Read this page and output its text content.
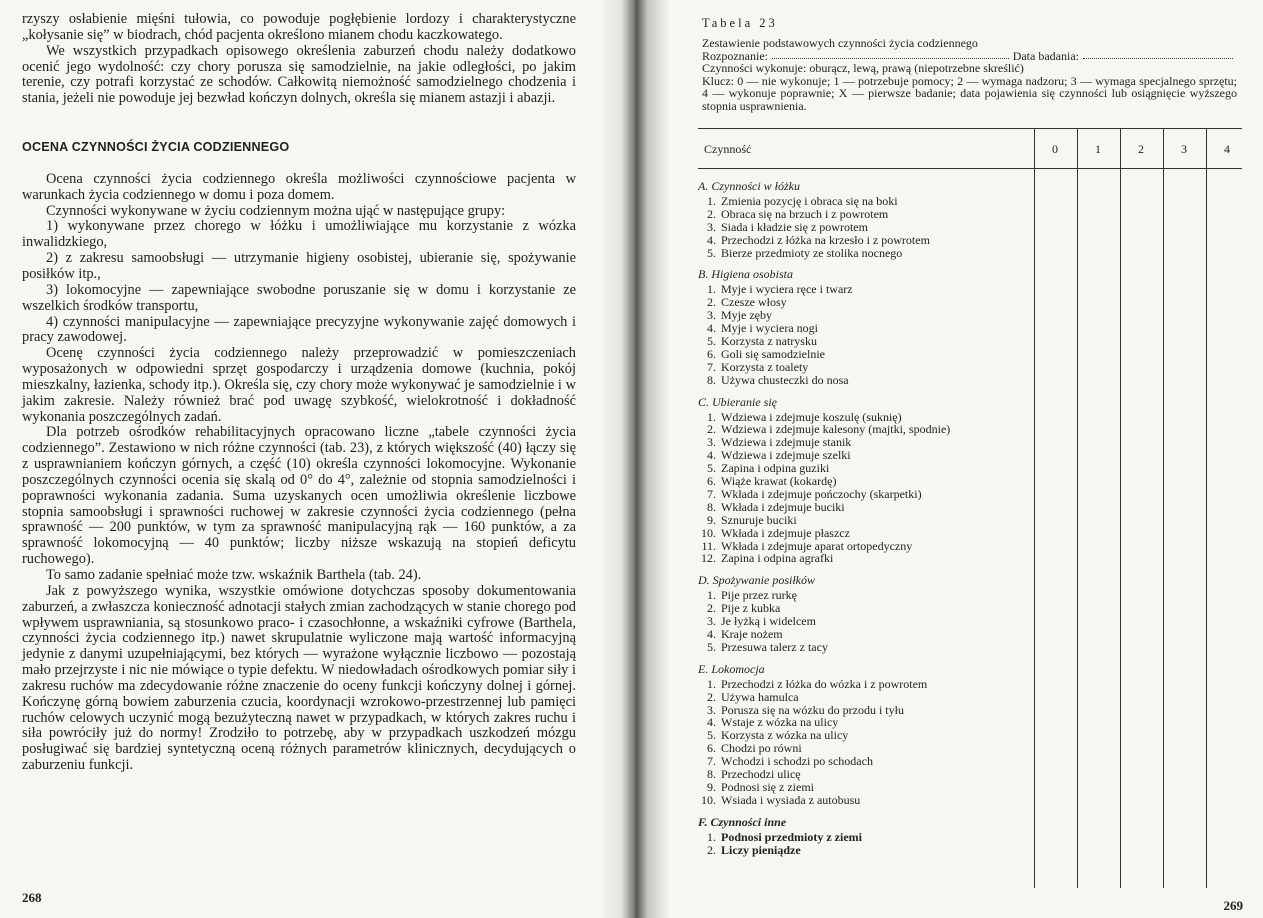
rzyszy osłabienie mięśni tułowia, co powoduje pogłębienie lordozy i charakterystyczne „kołysanie się” w biodrach, chód pacjenta określono mianem chodu kaczkowatego.

We wszystkich przypadkach opisowego określenia zaburzeń chodu należy dodatkowo ocenić jego wydolność: czy chory porusza się samodzielnie, na jakie odległości, po jakim terenie, czy potrafi korzystać ze schodów. Całkowitą niemożność samodzielnego chodzenia i stania, jeżeli nie powoduje jej bezwład kończyn dolnych, określa się mianem astazji i abazji.

OCENA CZYNNOŚCI ŻYCIA CODZIENNEGO

Ocena czynności życia codziennego określa możliwości czynnościowe pacjenta w warunkach życia codziennego w domu i poza domem.

Czynności wykonywane w życiu codziennym można ująć w następujące grupy:

1) wykonywane przez chorego w łóżku i umożliwiające mu korzystanie z wózka inwalidzkiego,

2) z zakresu samoobsługi — utrzymanie higieny osobistej, ubieranie się, spożywanie posiłków itp.,

3) lokomocyjne — zapewniające swobodne poruszanie się w domu i korzystanie ze wszelkich środków transportu,

4) czynności manipulacyjne — zapewniające precyzyjne wykonywanie zajęć domowych i pracy zawodowej.

Ocenę czynności życia codziennego należy przeprowadzić w pomieszczeniach wyposażonych w odpowiedni sprzęt gospodarczy i urządzenia domowe (kuchnia, pokój mieszkalny, łazienka, schody itp.). Określa się, czy chory może wykonywać je samodzielnie i w jakim zakresie. Należy również brać pod uwagę szybkość, wielokrotność i dokładność wykonania poszczególnych zadań.

Dla potrzeb ośrodków rehabilitacyjnych opracowano liczne „tabele czynności życia codziennego”. Zestawiono w nich różne czynności (tab. 23), z których większość (40) łączy się z usprawnianiem kończyn górnych, a część (10) określa czynności lokomocyjne. Wykonanie poszczególnych czynności ocenia się skalą od 0° do 4°, zależnie od stopnia samodzielności i poprawności wykonania zadania. Suma uzyskanych ocen umożliwia określenie liczbowe stopnia samoobsługi i sprawności ruchowej w zakresie czynności życia codziennego (pełna sprawność — 200 punktów, w tym za sprawność manipulacyjną rąk — 160 punktów, a za sprawność lokomocyjną — 40 punktów; liczby niższe wskazują na stopień deficytu ruchowego).

To samo zadanie spełniać może tzw. wskaźnik Barthela (tab. 24).

Jak z powyższego wynika, wszystkie omówione dotychczas sposoby dokumentowania zaburzeń, a zwłaszcza konieczność adnotacji stałych zmian zachodzących w stanie chorego pod wpływem usprawniania, są stosunkowo praco- i czasochłonne, a wskaźniki cyfrowe (Barthela, czynności życia codziennego itp.) nawet skrupulatnie wyliczone mają wartość informacyjną jedynie z danymi uzupełniającymi, bez których — wyrażone wyłącznie liczbowo — pozostają mało przejrzyste i nic nie mówiące o typie defektu. W niedowładach ośrodkowych pomiar siły i zakresu ruchów ma zdecydowanie różne znaczenie do oceny funkcji kończyny dolnej i górnej. Kończynę górną bowiem zaburzenia czucia, koordynacji wzrokowo-przestrzennej lub pamięci ruchów celowych uczynić mogą bezużyteczną nawet w przypadkach, w których zakres ruchu i siła powróciły już do normy! Zrodziło to potrzebę, aby w przypadkach uszkodzeń mózgu posługiwać się bardziej syntetyczną oceną różnych parametrów klinicznych, decydujących o zaburzeniu funkcji.

268
Tabela 23
Zestawienie podstawowych czynności życia codziennego
Rozpoznanie:	Data badania:
Czynności wykonuje: oburącz, lewą, prawą (niepotrzebne skreślić)
Klucz: 0 — nie wykonuje; 1 — potrzebuje pomocy; 2 — wymaga nadzoru; 3 — wymaga specjalnego sprzętu; 4 — wykonuje poprawnie; X — pierwsze badanie; data pojawienia się czynności lub osiągnięcie wyższego stopnia usprawnienia.
269
Czynność	0	1	2	3	4
A. Czynności w łóżku
1. Zmienia pozycję i obraca się na boki
2. Obraca się na brzuch i z powrotem
3. Siada i kładzie się z powrotem
4. Przechodzi z łóżka na krzesło i z powrotem
5. Bierze przedmioty ze stolika nocnego
B. Higiena osobista
1. Myje i wyciera ręce i twarz
2. Czesze włosy
3. Myje zęby
4. Myje i wyciera nogi
5. Korzysta z natrysku
6. Goli się samodzielnie
7. Korzysta z toalety
8. Używa chusteczki do nosa
C. Ubieranie się
1. Wdziewa i zdejmuje koszulę (suknię)
2. Wdziewa i zdejmuje kalesony (majtki, spodnie)
3. Wdziewa i zdejmuje stanik
4. Wdziewa i zdejmuje szelki
5. Zapina i odpina guziki
6. Wiąże krawat (kokardę)
7. Wkłada i zdejmuje pończochy (skarpetki)
8. Wkłada i zdejmuje buciki
9. Sznuruje buciki
10. Wkłada i zdejmuje płaszcz
11. Wkłada i zdejmuje aparat ortopedyczny
12. Zapina i odpina agrafki
D. Spożywanie posiłków
1. Pije przez rurkę
2. Pije z kubka
3. Je łyżką i widelcem
4. Kraje nożem
5. Przesuwa talerz z tacy
E. Lokomocja
1. Przechodzi z łóżka do wózka i z powrotem
2. Używa hamulca
3. Porusza się na wózku do przodu i tyłu
4. Wstaje z wózka na ulicy
5. Korzysta z wózka na ulicy
6. Chodzi po równi
7. Wchodzi i schodzi po schodach
8. Przechodzi ulicę
9. Podnosi się z ziemi
10. Wsiada i wysiada z autobusu
F. Czynności inne
1. Podnosi przedmioty z ziemi
2. Liczy pieniądze
